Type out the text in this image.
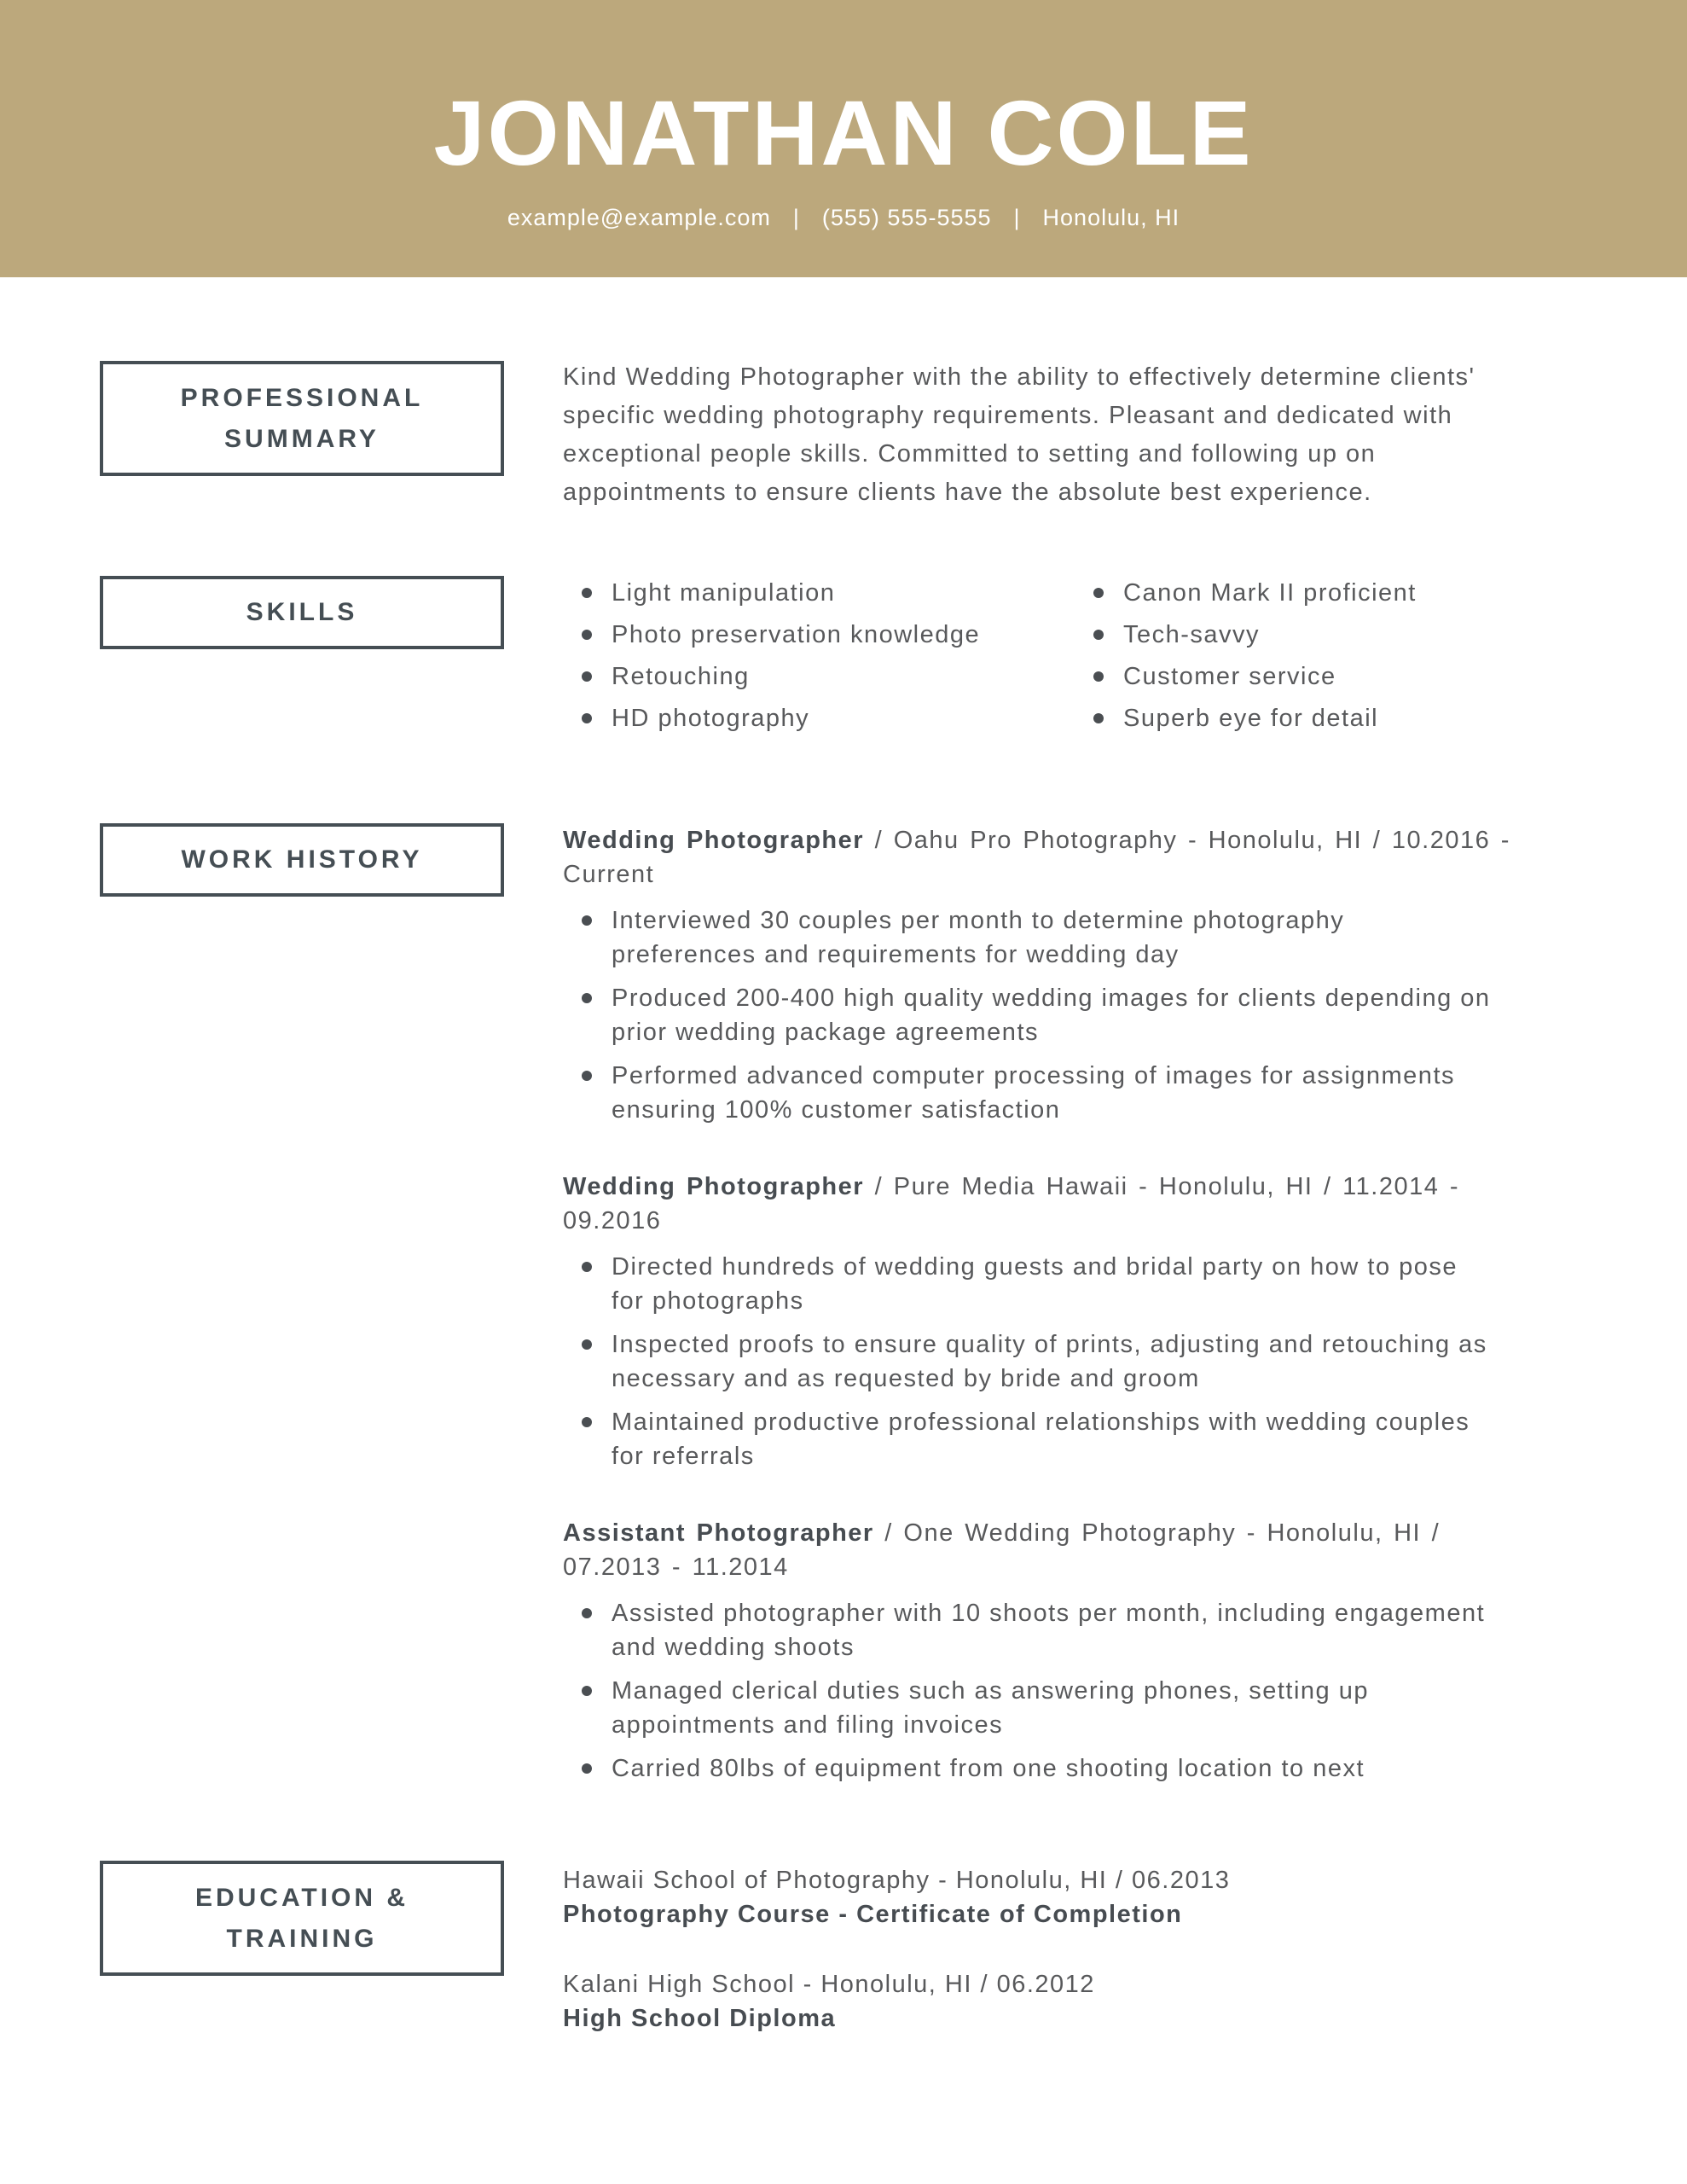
JONATHAN COLE
example@example.com | (555) 555-5555 | Honolulu, HI
PROFESSIONAL
SUMMARY
SKILLS
WORK HISTORY
EDUCATION &
TRAINING
Kind Wedding Photographer with the ability to effectively determine clients'
specific wedding photography requirements. Pleasant and dedicated with
exceptional people skills. Committed to setting and following up on
appointments to ensure clients have the absolute best experience.
Light manipulation
Photo preservation knowledge
Retouching
HD photography
Canon Mark II proficient
Tech-savvy
Customer service
Superb eye for detail
Wedding Photographer / Oahu Pro Photography - Honolulu, HI / 10.2016 -
Current
Interviewed 30 couples per month to determine photography
preferences and requirements for wedding day
Produced 200-400 high quality wedding images for clients depending on
prior wedding package agreements
Performed advanced computer processing of images for assignments
ensuring 100% customer satisfaction
Wedding Photographer / Pure Media Hawaii - Honolulu, HI / 11.2014 -
09.2016
Directed hundreds of wedding guests and bridal party on how to pose
for photographs
Inspected proofs to ensure quality of prints, adjusting and retouching as
necessary and as requested by bride and groom
Maintained productive professional relationships with wedding couples
for referrals
Assistant Photographer / One Wedding Photography - Honolulu, HI /
07.2013 - 11.2014
Assisted photographer with 10 shoots per month, including engagement
and wedding shoots
Managed clerical duties such as answering phones, setting up
appointments and filing invoices
Carried 80lbs of equipment from one shooting location to next
Hawaii School of Photography - Honolulu, HI / 06.2013
Photography Course - Certificate of Completion
Kalani High School - Honolulu, HI / 06.2012
High School Diploma
